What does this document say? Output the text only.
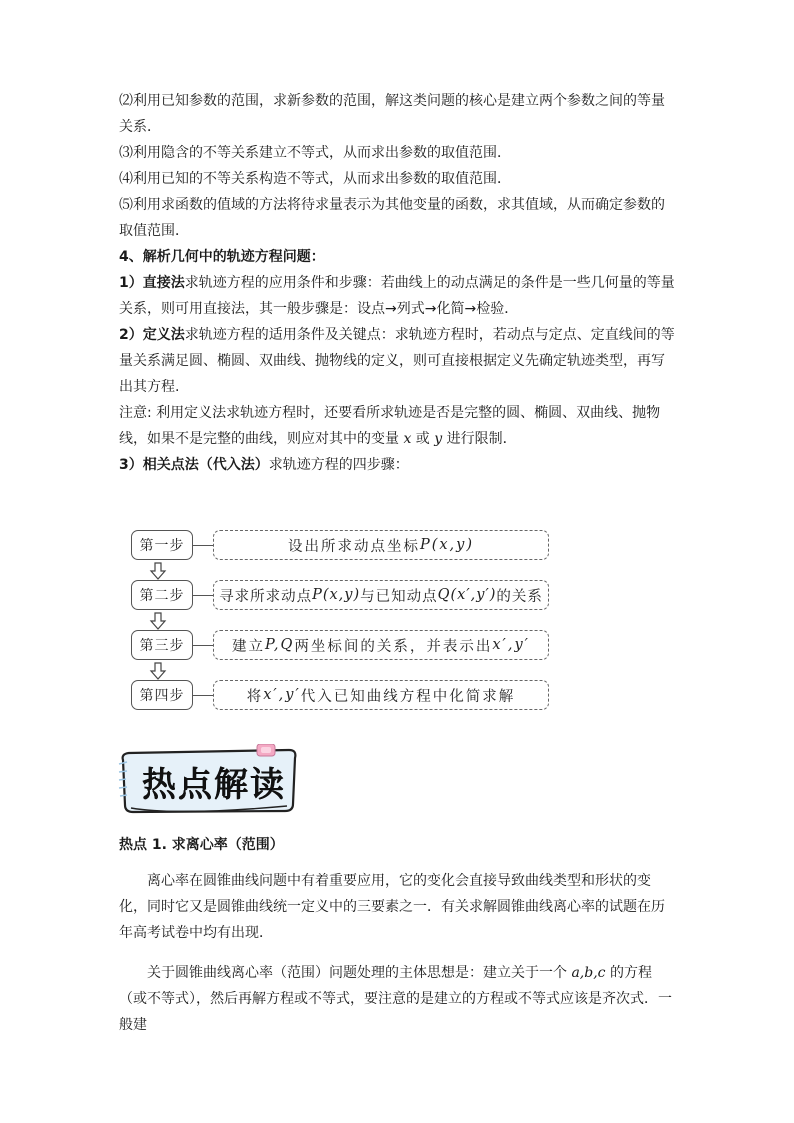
⑵利用已知参数的范围，求新参数的范围，解这类问题的核心是建立两个参数之间的等量关系．

⑶利用隐含的不等关系建立不等式，从而求出参数的取值范围．

⑷利用已知的不等关系构造不等式，从而求出参数的取值范围．

⑸利用求函数的值域的方法将待求量表示为其他变量的函数，求其值域，从而确定参数的取值范围．

4、解析几何中的轨迹方程问题：

1）直接法求轨迹方程的应用条件和步骤：若曲线上的动点满足的条件是一些几何量的等量关系，则可用直接法，其一般步骤是：设点→列式→化简→检验．

2）定义法求轨迹方程的适用条件及关键点：求轨迹方程时，若动点与定点、定直线间的等量关系满足圆、椭圆、双曲线、抛物线的定义，则可直接根据定义先确定轨迹类型，再写出其方程.

注意: 利用定义法求轨迹方程时，还要看所求轨迹是否是完整的圆、椭圆、双曲线、抛物线，如果不是完整的曲线，则应对其中的变量 x 或 y 进行限制．

3）相关点法（代入法）求轨迹方程的四步骤：

第一步	设出所求动点坐标 P(x,y)
第二步	寻求所求动点 P(x,y) 与已知动点 Q(x′,y′) 的关系
第三步	建立 P,Q 两坐标间的关系，并表示出 x′,y′
第四步	将 x′,y′ 代入已知曲线方程中化简求解
热点解读

热点 1. 求离心率（范围）

离心率在圆锥曲线问题中有着重要应用，它的变化会直接导致曲线类型和形状的变化，同时它又是圆锥曲线统一定义中的三要素之一．有关求解圆锥曲线离心率的试题在历年高考试卷中均有出现．

关于圆锥曲线离心率（范围）问题处理的主体思想是：建立关于一个 a,b,c 的方程（或不等式），然后再解方程或不等式，要注意的是建立的方程或不等式应该是齐次式．一般建
